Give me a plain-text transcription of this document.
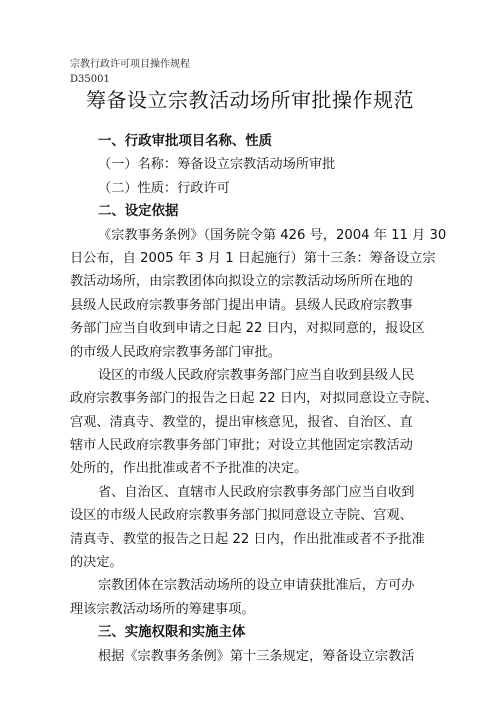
宗教行政许可项目操作规程
D35001
筹备设立宗教活动场所审批操作规范
一、行政审批项目名称、性质
（一）名称：筹备设立宗教活动场所审批
（二）性质：行政许可
二、设定依据
《宗教事务条例》（国务院令第 426 号，2004 年 11 月 30
日公布，自 2005 年 3 月 1 日起施行）第十三条：筹备设立宗
教活动场所，由宗教团体向拟设立的宗教活动场所所在地的
县级人民政府宗教事务部门提出申请。县级人民政府宗教事
务部门应当自收到申请之日起 22 日内，对拟同意的，报设区
的市级人民政府宗教事务部门审批。
设区的市级人民政府宗教事务部门应当自收到县级人民
政府宗教事务部门的报告之日起 22 日内，对拟同意设立寺院、
宫观、清真寺、教堂的，提出审核意见，报省、自治区、直
辖市人民政府宗教事务部门审批；对设立其他固定宗教活动
处所的，作出批准或者不予批准的决定。
省、自治区、直辖市人民政府宗教事务部门应当自收到
设区的市级人民政府宗教事务部门拟同意设立寺院、宫观、
清真寺、教堂的报告之日起 22 日内，作出批准或者不予批准
的决定。
宗教团体在宗教活动场所的设立申请获批准后，方可办
理该宗教活动场所的筹建事项。
三、实施权限和实施主体
根据《宗教事务条例》第十三条规定，筹备设立宗教活
